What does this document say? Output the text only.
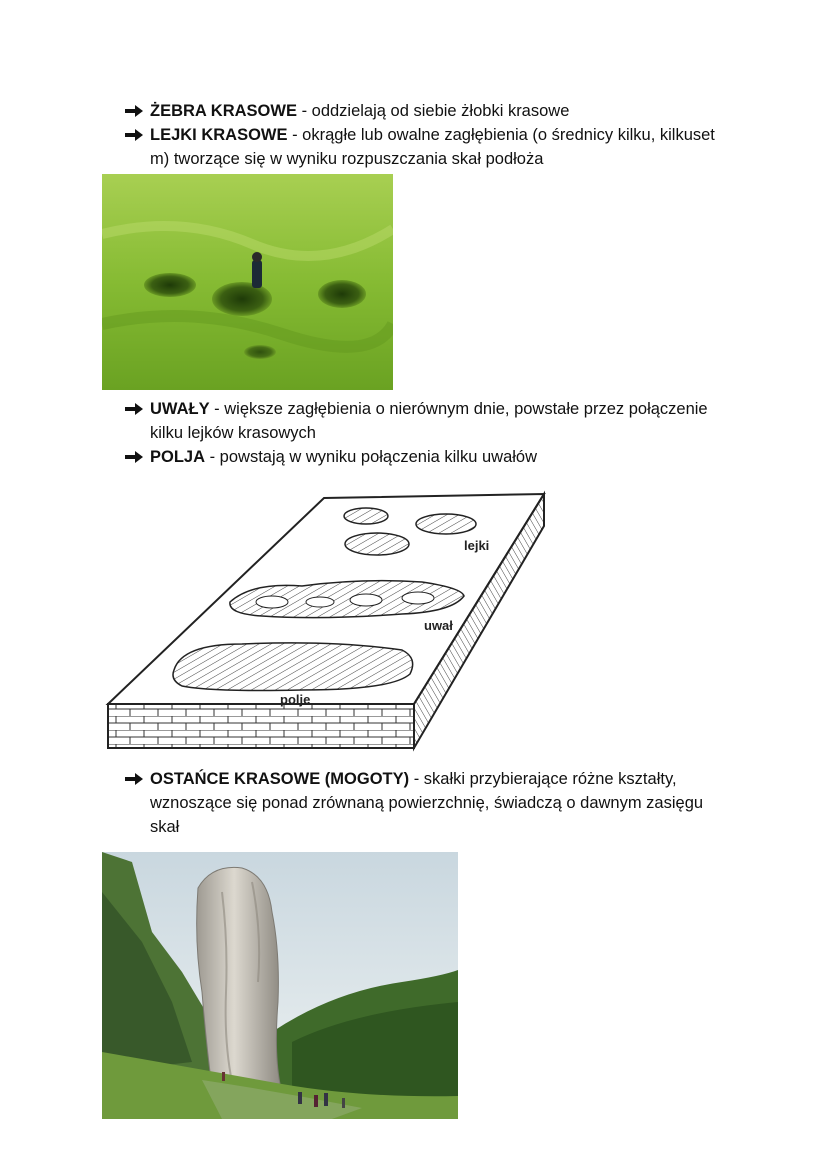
ŻEBRA KRASOWE - oddzielają od siebie żłobki krasowe
LEJKI KRASOWE - okrągłe lub owalne zagłębienia (o średnicy kilku, kilkuset m) tworzące się w wyniku rozpuszczania skał podłoża
UWAŁY - większe zagłębienia o nierównym dnie, powstałe przez połączenie kilku lejków krasowych
POLJA - powstają w wyniku połączenia kilku uwałów
lejki
uwał
polje
OSTAŃCE KRASOWE (MOGOTY) - skałki przybierające różne kształty, wznoszące się ponad zrównaną powierzchnię, świadczą o dawnym zasięgu skał
